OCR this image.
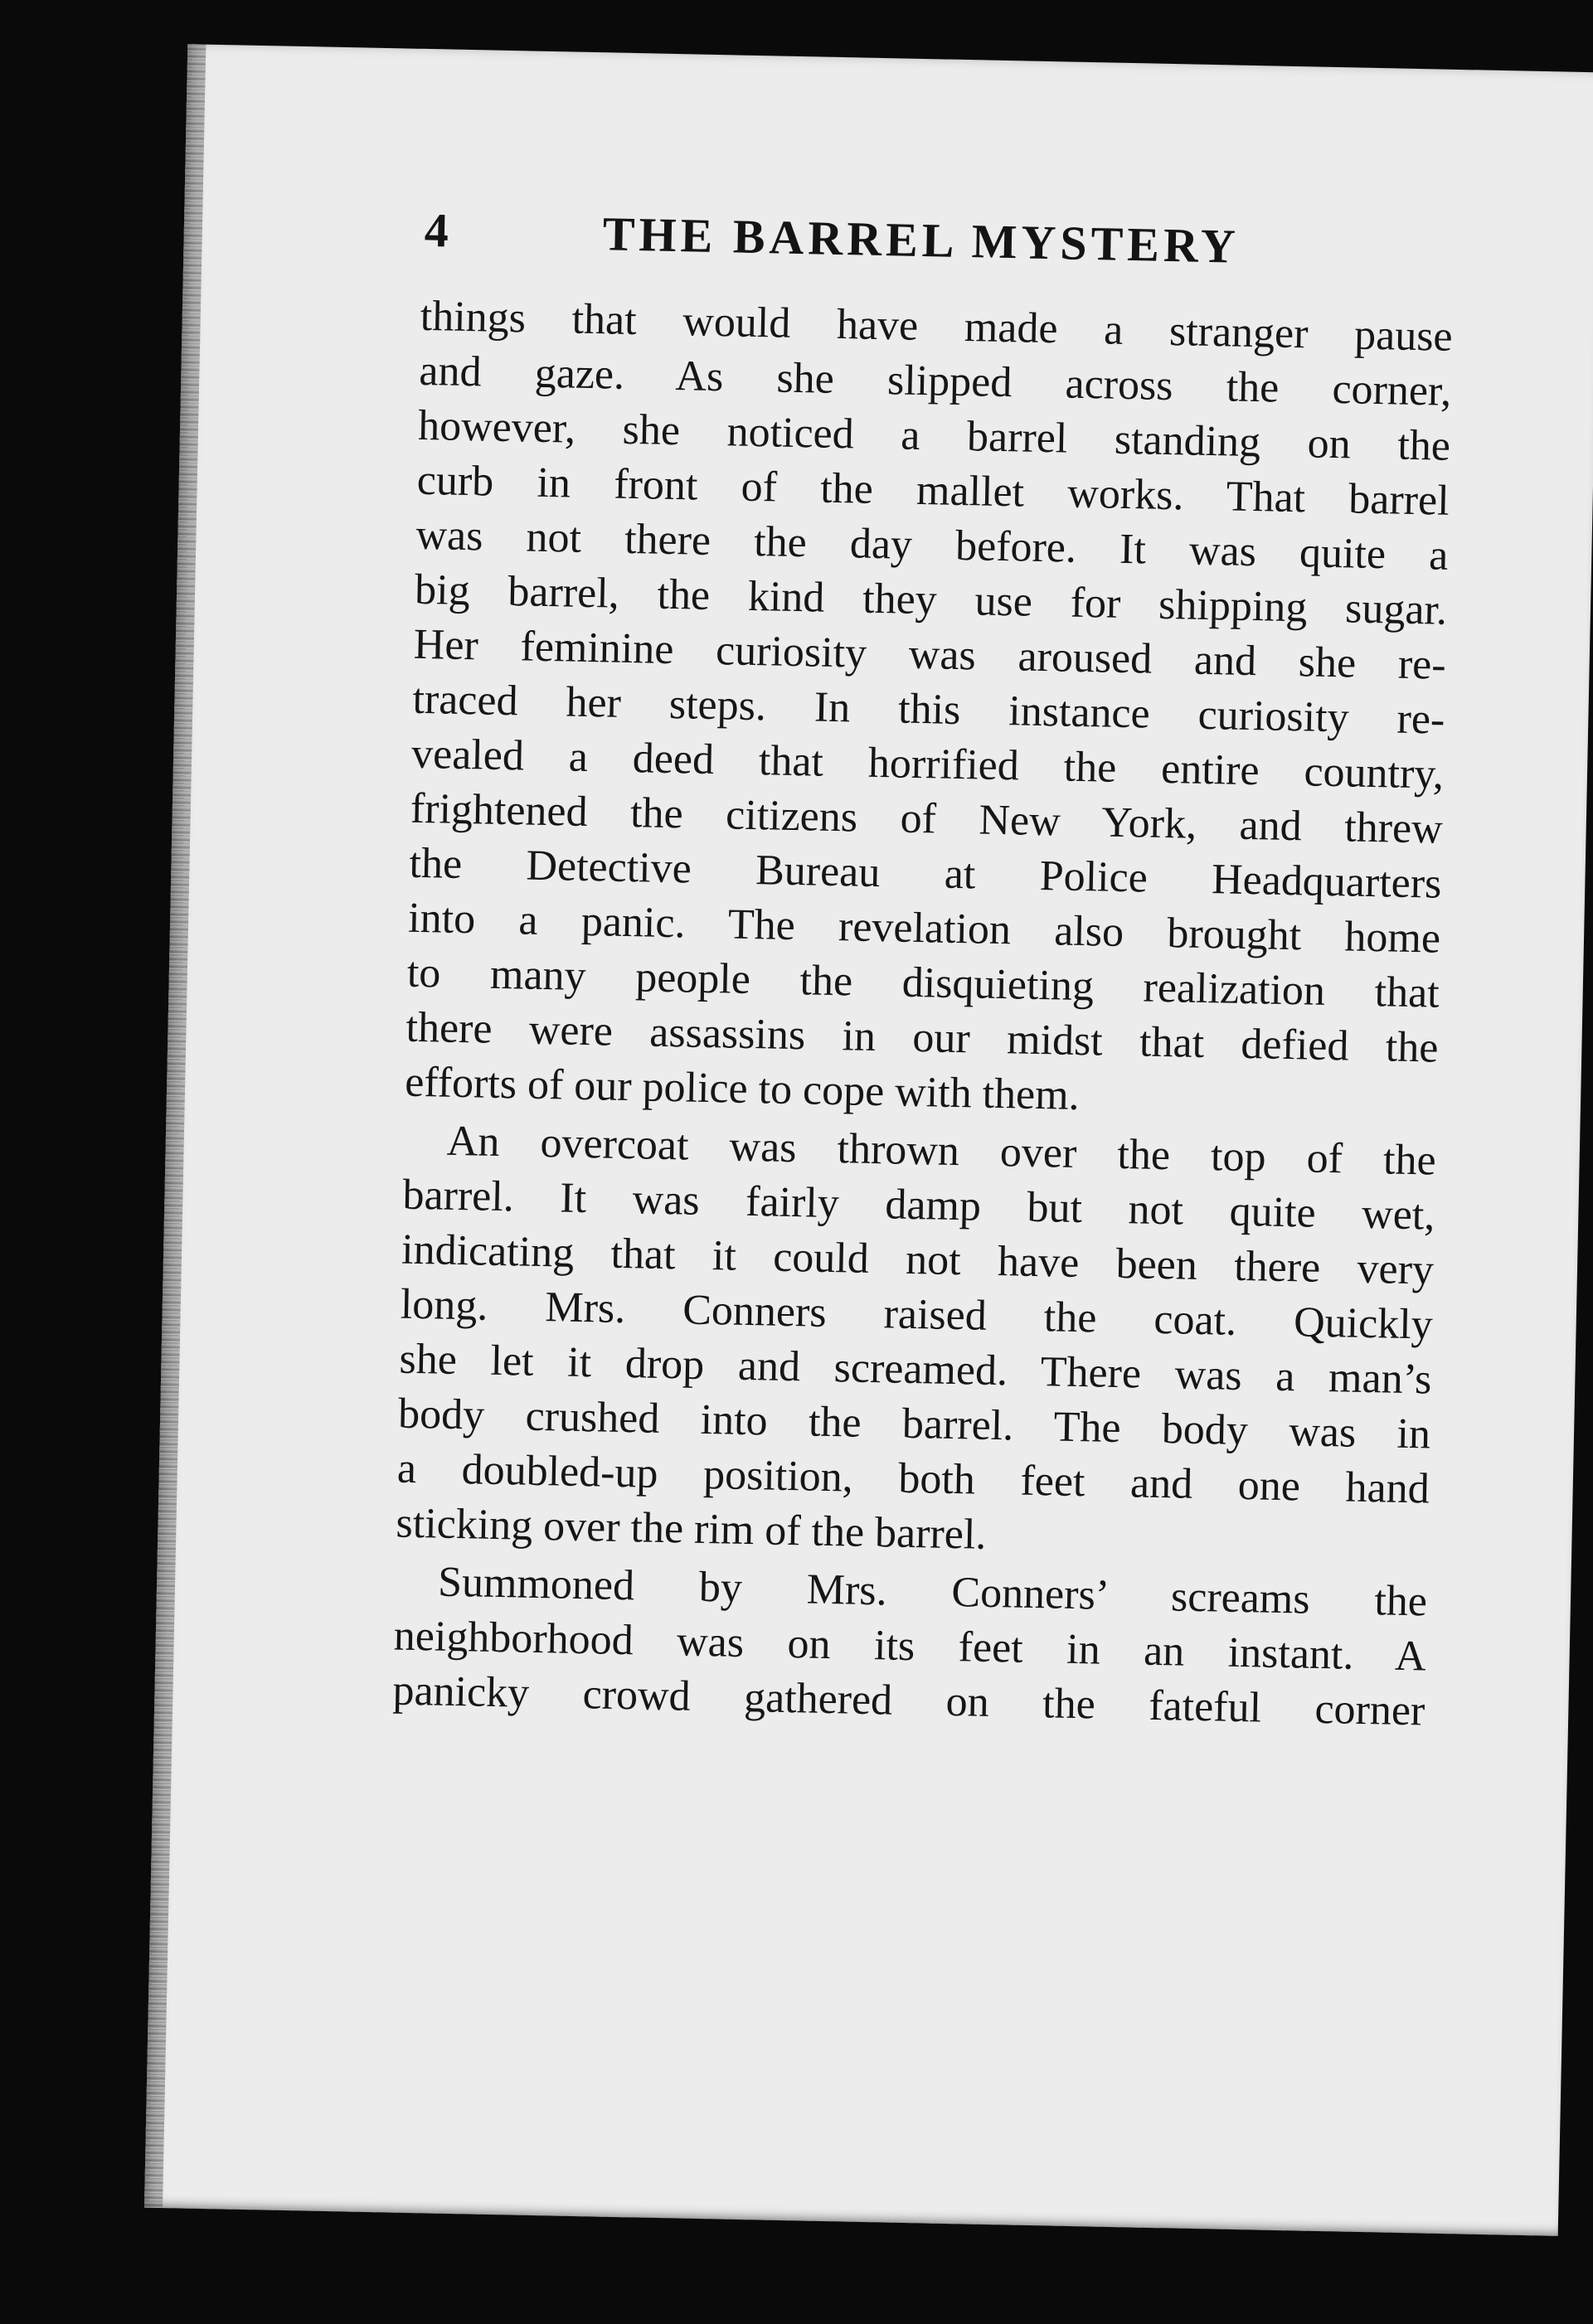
4	THE BARREL MYSTERY
things that would have made a stranger pause
and gaze. As she slipped across the corner,
however, she noticed a barrel standing on the
curb in front of the mallet works. That barrel
was not there the day before. It was quite a
big barrel, the kind they use for shipping sugar.
Her feminine curiosity was aroused and she re-
traced her steps. In this instance curiosity re-
vealed a deed that horrified the entire country,
frightened the citizens of New York, and threw
the Detective Bureau at Police Headquarters
into a panic. The revelation also brought home
to many people the disquieting realization that
there were assassins in our midst that defied the
efforts of our police to cope with them.
An overcoat was thrown over the top of the
barrel. It was fairly damp but not quite wet,
indicating that it could not have been there very
long. Mrs. Conners raised the coat. Quickly
she let it drop and screamed. There was a man’s
body crushed into the barrel. The body was in
a doubled-up position, both feet and one hand
sticking over the rim of the barrel.
Summoned by Mrs. Conners’ screams the
neighborhood was on its feet in an instant. A
panicky crowd gathered on the fateful corner
